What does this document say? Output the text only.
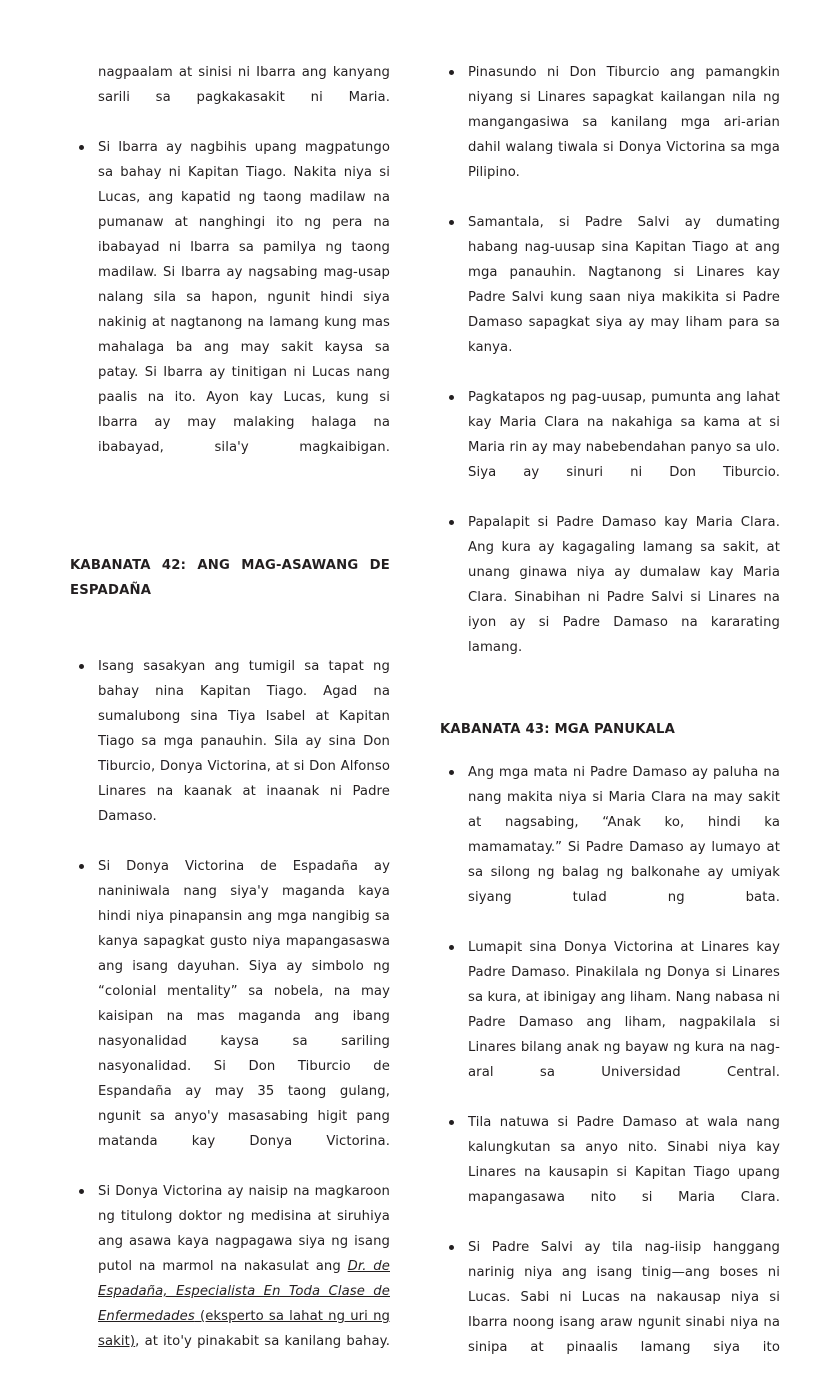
nagpaalam at sinisi ni Ibarra ang kanyang sarili sa pagkakasakit ni Maria.

Si Ibarra ay nagbihis upang magpatungo sa bahay ni Kapitan Tiago. Nakita niya si Lucas, ang kapatid ng taong madilaw na pumanaw at nanghingi ito ng pera na ibabayad ni Ibarra sa pamilya ng taong madilaw. Si Ibarra ay nagsabing mag-usap nalang sila sa hapon, ngunit hindi siya nakinig at nagtanong na lamang kung mas mahalaga ba ang may sakit kaysa sa patay. Si Ibarra ay tinitigan ni Lucas nang paalis na ito. Ayon kay Lucas, kung si Ibarra ay may malaking halaga na ibabayad, sila'y magkaibigan.
KABANATA 42: ANG MAG-ASAWANG DE ESPADAÑA
Isang sasakyan ang tumigil sa tapat ng bahay nina Kapitan Tiago. Agad na sumalubong sina Tiya Isabel at Kapitan Tiago sa mga panauhin. Sila ay sina Don Tiburcio, Donya Victorina, at si Don Alfonso Linares na kaanak at inaanak ni Padre Damaso.
Si Donya Victorina de Espadaña ay naniniwala nang siya'y maganda kaya hindi niya pinapansin ang mga nangibig sa kanya sapagkat gusto niya mapangasaswa ang isang dayuhan. Siya ay simbolo ng “colonial mentality” sa nobela, na may kaisipan na mas maganda ang ibang nasyonalidad kaysa sa sariling nasyonalidad. Si Don Tiburcio de Espandaña ay may 35 taong gulang, ngunit sa anyo'y masasabing higit pang matanda kay Donya Victorina.
Si Donya Victorina ay naisip na magkaroon ng titulong doktor ng medisina at siruhiya ang asawa kaya nagpagawa siya ng isang putol na marmol na nakasulat ang Dr. de Espadaña, Especialista En Toda Clase de Enfermedades (eksperto sa lahat ng uri ng sakit), at ito'y pinakabit sa kanilang bahay.
Pinasundo ni Don Tiburcio ang pamangkin niyang si Linares sapagkat kailangan nila ng mangangasiwa sa kanilang mga ari-arian dahil walang tiwala si Donya Victorina sa mga Pilipino.
Samantala, si Padre Salvi ay dumating habang nag-uusap sina Kapitan Tiago at ang mga panauhin. Nagtanong si Linares kay Padre Salvi kung saan niya makikita si Padre Damaso sapagkat siya ay may liham para sa kanya.
Pagkatapos ng pag-uusap, pumunta ang lahat kay Maria Clara na nakahiga sa kama at si Maria rin ay may nabebendahan panyo sa ulo. Siya ay sinuri ni Don Tiburcio.
Papalapit si Padre Damaso kay Maria Clara. Ang kura ay kagagaling lamang sa sakit, at unang ginawa niya ay dumalaw kay Maria Clara. Sinabihan ni Padre Salvi si Linares na iyon ay si Padre Damaso na kararating lamang.
KABANATA 43: MGA PANUKALA
Ang mga mata ni Padre Damaso ay paluha na nang makita niya si Maria Clara na may sakit at nagsabing, “Anak ko, hindi ka mamamatay.” Si Padre Damaso ay lumayo at sa silong ng balag ng balkonahe ay umiyak siyang tulad ng bata.
Lumapit sina Donya Victorina at Linares kay Padre Damaso. Pinakilala ng Donya si Linares sa kura, at ibinigay ang liham. Nang nabasa ni Padre Damaso ang liham, nagpakilala si Linares bilang anak ng bayaw ng kura na nag-aral sa Universidad Central.
Tila natuwa si Padre Damaso at wala nang kalungkutan sa anyo nito. Sinabi niya kay Linares na kausapin si Kapitan Tiago upang mapangasawa nito si Maria Clara.
Si Padre Salvi ay tila nag-iisip hanggang narinig niya ang isang tinig—ang boses ni Lucas. Sabi ni Lucas na nakausap niya si Ibarra noong isang araw ngunit sinabi niya na sinipa at pinaalis lamang siya ito
